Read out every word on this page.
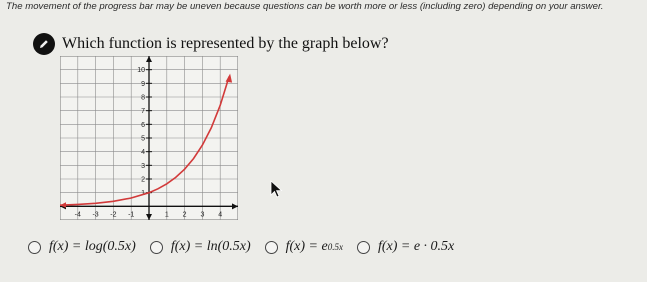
The movement of the progress bar may be uneven because questions can be worth more or less (including zero) depending on your answer.
Which function is represented by the graph below?
-4 -3 -2 -1	1 2 3 4
1
2
3
4
5
6
7
8
9
10
f(x) = log(0.5x)	f(x) = ln(0.5x)	f(x) = e 0.5x	f(x) = e · 0.5x
